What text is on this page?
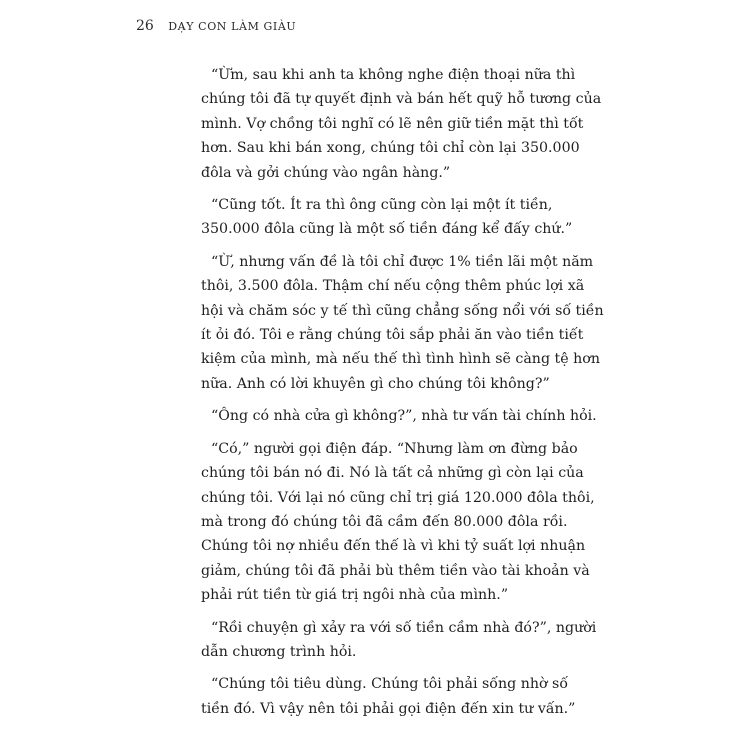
26 DẠY CON LÀM GIÀU

“Ừm, sau khi anh ta không nghe điện thoại nữa thì
chúng tôi đã tự quyết định và bán hết quỹ hỗ tương của
mình. Vợ chồng tôi nghĩ có lẽ nên giữ tiền mặt thì tốt
hơn. Sau khi bán xong, chúng tôi chỉ còn lại 350.000
đôla và gởi chúng vào ngân hàng.”

“Cũng tốt. Ít ra thì ông cũng còn lại một ít tiền,
350.000 đôla cũng là một số tiền đáng kể đấy chứ.”

“Ừ, nhưng vấn đề là tôi chỉ được 1% tiền lãi một năm
thôi, 3.500 đôla. Thậm chí nếu cộng thêm phúc lợi xã
hội và chăm sóc y tế thì cũng chẳng sống nổi với số tiền
ít ỏi đó. Tôi e rằng chúng tôi sắp phải ăn vào tiền tiết
kiệm của mình, mà nếu thế thì tình hình sẽ càng tệ hơn
nữa. Anh có lời khuyên gì cho chúng tôi không?”

“Ông có nhà cửa gì không?”, nhà tư vấn tài chính hỏi.

“Có,” người gọi điện đáp. “Nhưng làm ơn đừng bảo
chúng tôi bán nó đi. Nó là tất cả những gì còn lại của
chúng tôi. Với lại nó cũng chỉ trị giá 120.000 đôla thôi,
mà trong đó chúng tôi đã cầm đến 80.000 đôla rồi.
Chúng tôi nợ nhiều đến thế là vì khi tỷ suất lợi nhuận
giảm, chúng tôi đã phải bù thêm tiền vào tài khoản và
phải rút tiền từ giá trị ngôi nhà của mình.”

“Rồi chuyện gì xảy ra với số tiền cầm nhà đó?”, người
dẫn chương trình hỏi.

“Chúng tôi tiêu dùng. Chúng tôi phải sống nhờ số
tiền đó. Vì vậy nên tôi phải gọi điện đến xin tư vấn.”
